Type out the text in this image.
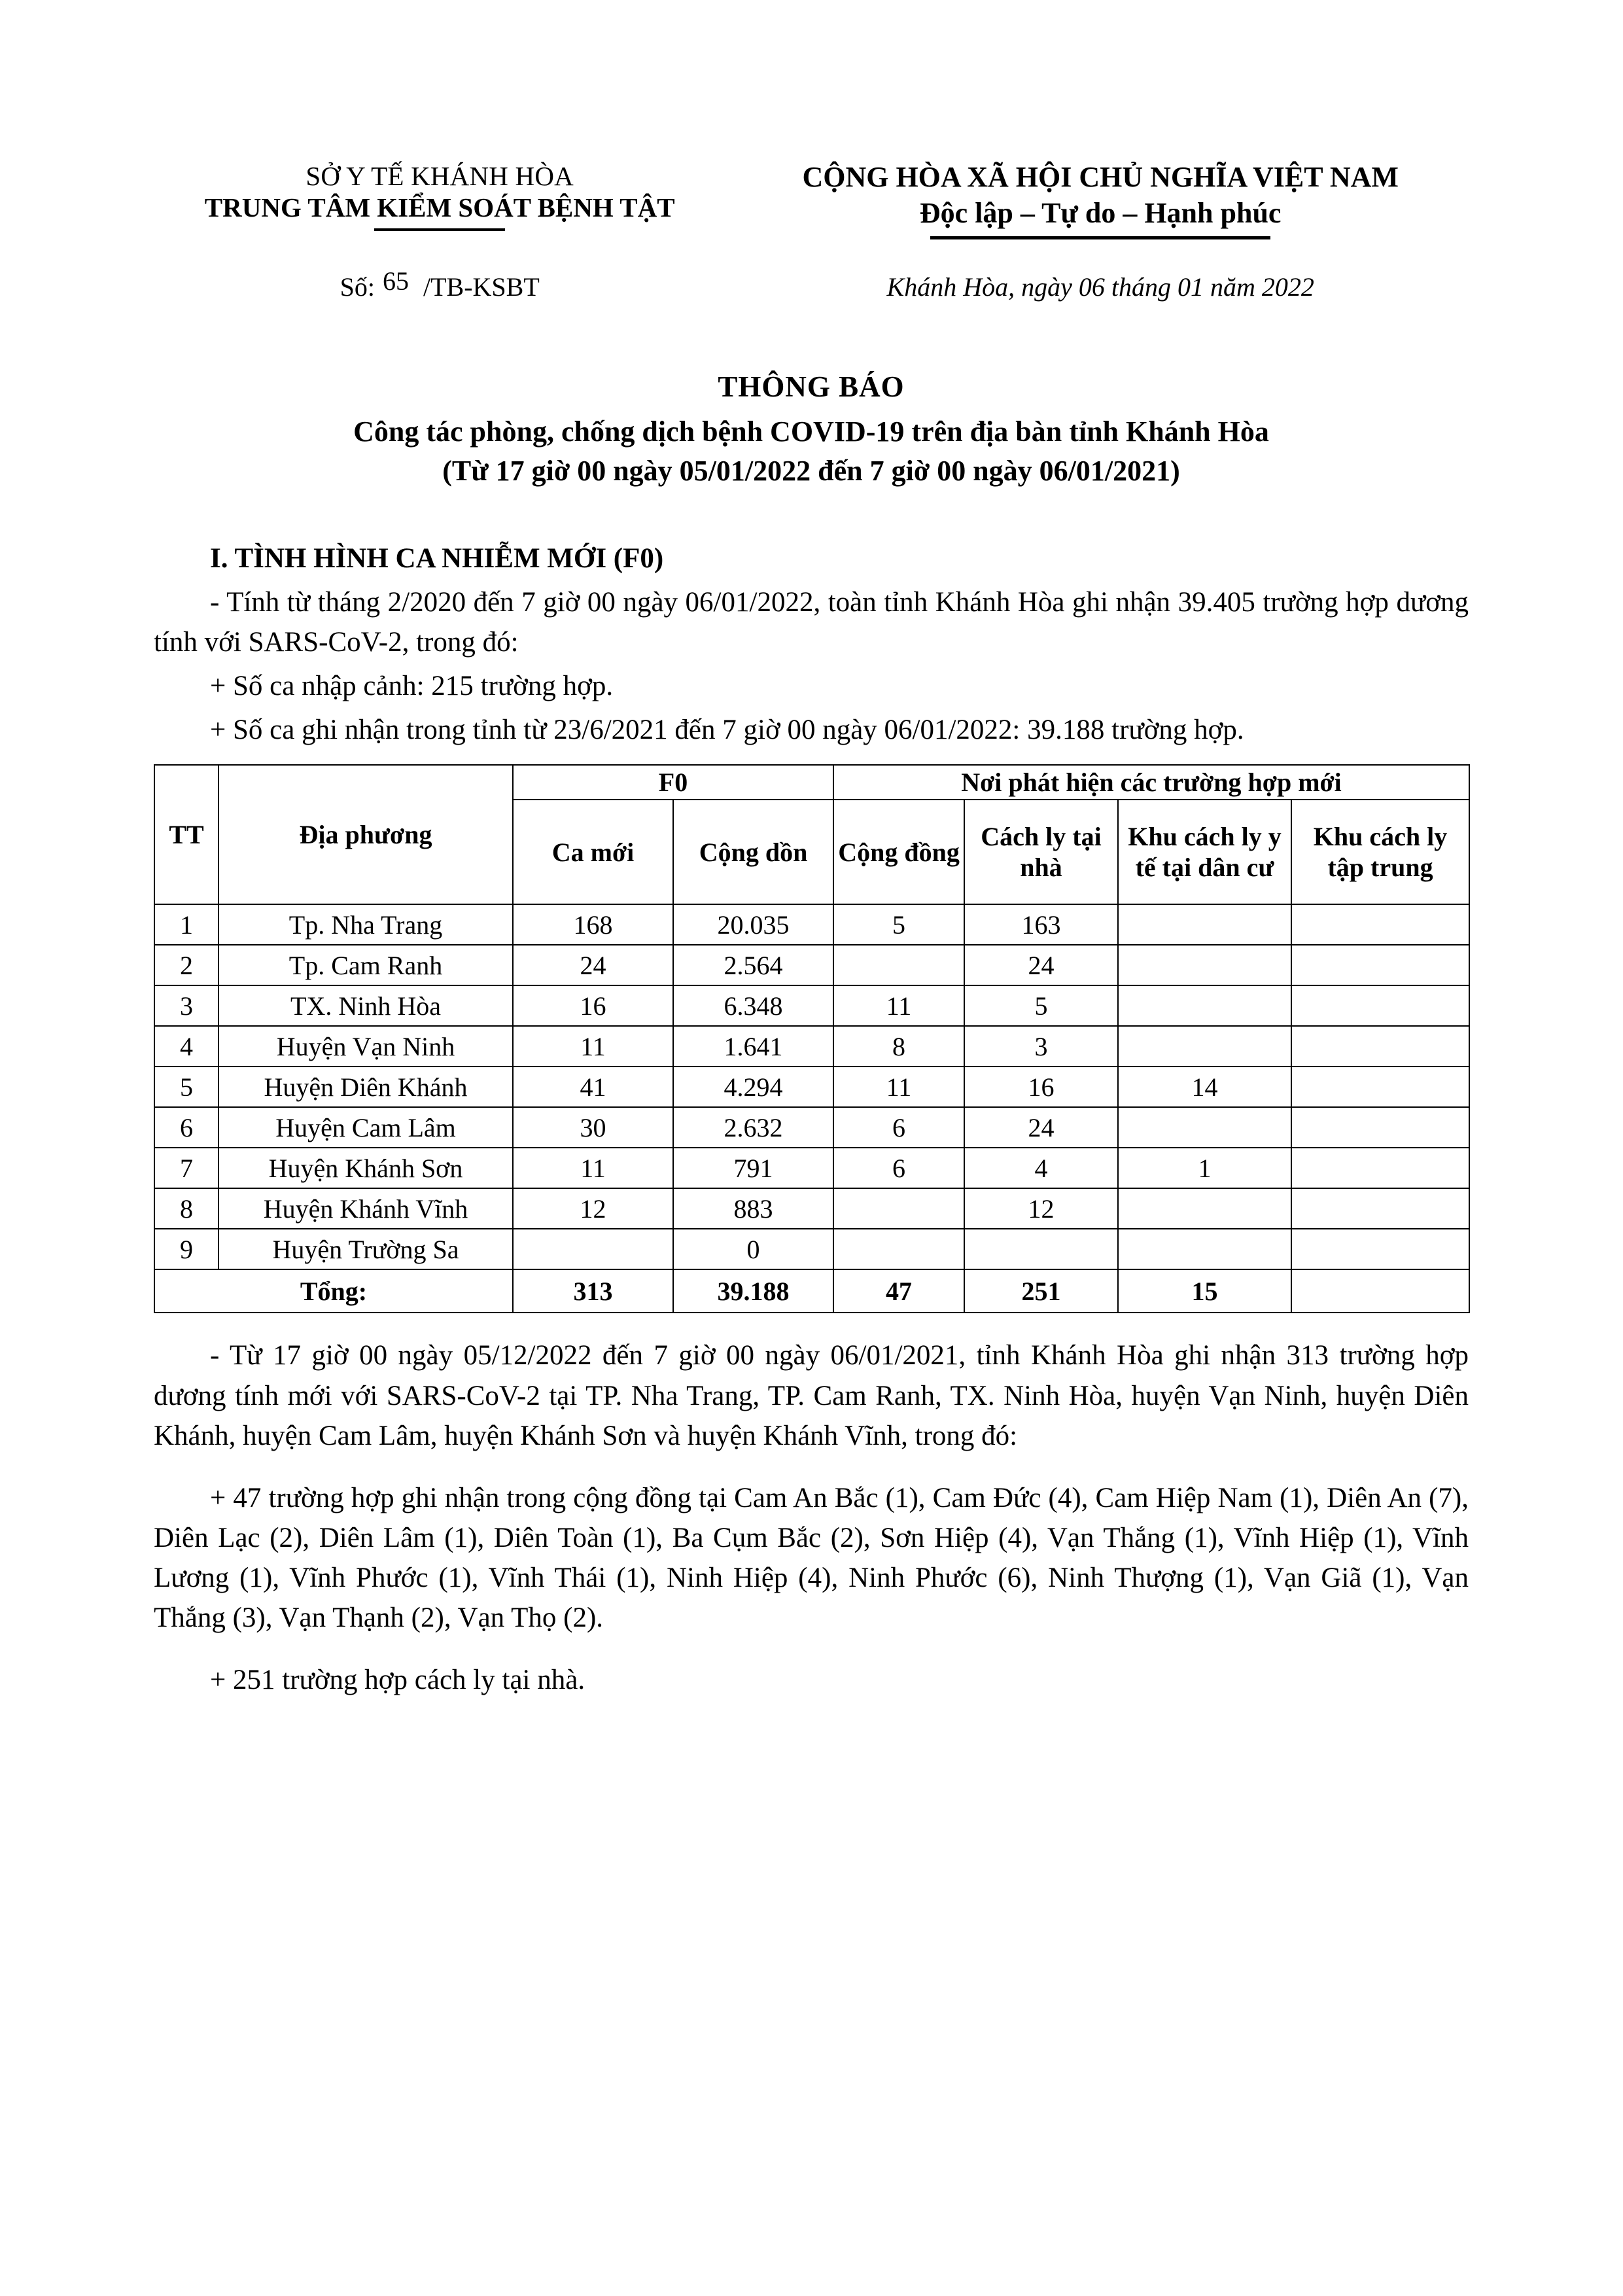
SỞ Y TẾ KHÁNH HÒA
TRUNG TÂM KIỂM SOÁT BỆNH TẬT
CỘNG HÒA XÃ HỘI CHỦ NGHĨA VIỆT NAM
Độc lập – Tự do – Hạnh phúc
Số: 65 /TB-KSBT	Khánh Hòa, ngày 06 tháng 01 năm 2022
THÔNG BÁO
Công tác phòng, chống dịch bệnh COVID-19 trên địa bàn tỉnh Khánh Hòa
(Từ 17 giờ 00 ngày 05/01/2022 đến 7 giờ 00 ngày 06/01/2021)
I. TÌNH HÌNH CA NHIỄM MỚI (F0)

- Tính từ tháng 2/2020 đến 7 giờ 00 ngày 06/01/2022, toàn tỉnh Khánh Hòa ghi nhận 39.405 trường hợp dương tính với SARS-CoV-2, trong đó:

+ Số ca nhập cảnh: 215 trường hợp.

+ Số ca ghi nhận trong tỉnh từ 23/6/2021 đến 7 giờ 00 ngày 06/01/2022: 39.188 trường hợp.

TT	Địa phương	F0		Nơi phát hiện các trường hợp mới			
		Ca mới	Cộng dồn	Cộng đồng	Cách ly tại nhà	Khu cách ly y tế tại dân cư	Khu cách ly tập trung
1	Tp. Nha Trang	168	20.035	5	163		
2	Tp. Cam Ranh	24	2.564		24		
3	TX. Ninh Hòa	16	6.348	11	5		
4	Huyện Vạn Ninh	11	1.641	8	3		
5	Huyện Diên Khánh	41	4.294	11	16	14	
6	Huyện Cam Lâm	30	2.632	6	24		
7	Huyện Khánh Sơn	11	791	6	4	1	
8	Huyện Khánh Vĩnh	12	883		12		
9	Huyện Trường Sa		0				
Tổng:		313	39.188	47	251	15	

- Từ 17 giờ 00 ngày 05/12/2022 đến 7 giờ 00 ngày 06/01/2021, tỉnh Khánh Hòa ghi nhận 313 trường hợp dương tính mới với SARS-CoV-2 tại TP. Nha Trang, TP. Cam Ranh, TX. Ninh Hòa, huyện Vạn Ninh, huyện Diên Khánh, huyện Cam Lâm, huyện Khánh Sơn và huyện Khánh Vĩnh, trong đó:

+ 47 trường hợp ghi nhận trong cộng đồng tại Cam An Bắc (1), Cam Đức (4), Cam Hiệp Nam (1), Diên An (7), Diên Lạc (2), Diên Lâm (1), Diên Toàn (1), Ba Cụm Bắc (2), Sơn Hiệp (4), Vạn Thắng (1), Vĩnh Hiệp (1), Vĩnh Lương (1), Vĩnh Phước (1), Vĩnh Thái (1), Ninh Hiệp (4), Ninh Phước (6), Ninh Thượng (1), Vạn Giã (1), Vạn Thắng (3), Vạn Thạnh (2), Vạn Thọ (2).

+ 251 trường hợp cách ly tại nhà.
